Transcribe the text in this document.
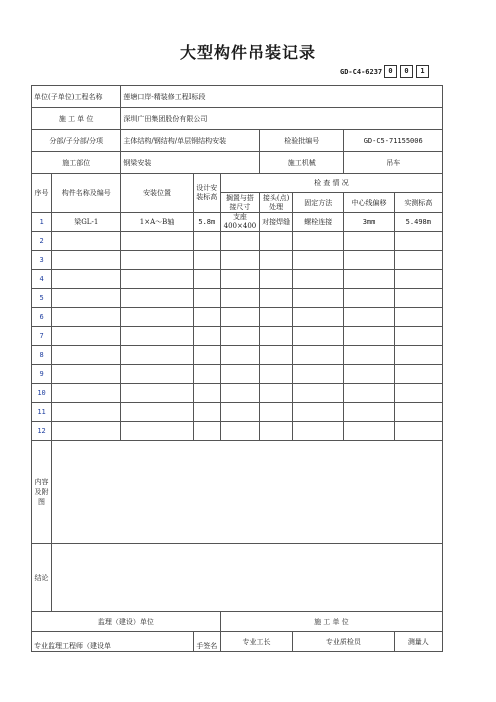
大型构件吊装记录
GD-C4-6237 0	0	1
单位(子单位)工程名称		莲塘口岸-精装修工程Ⅰ标段						
施 工 单 位		深圳广田集团股份有限公司						
分部/子分部/分项		主体结构/钢结构/单层钢结构安装			检验批编号		GD-C5-71155006	
施工部位		钢梁安装			施工机械		吊车	
序号	构件名称及编号	安装位置	设计安装标高	检 查 情 况				
				搁置与搭接尺寸	接头(点)处理	固定方法	中心线偏移	实测标高
1	梁GL-1	1×A～B轴	5.8m	支座400×400	对接焊缝	螺栓连接	3mm	5.498m
2								
3								
4								
5								
6								
7								
8								
9								
10								
11								
12								
内容及附图								
结论								
监理（建设）单位				施 工 单 位				
专业监理工程师（建设单			手签名	专业工长		专业质检员		测量人
